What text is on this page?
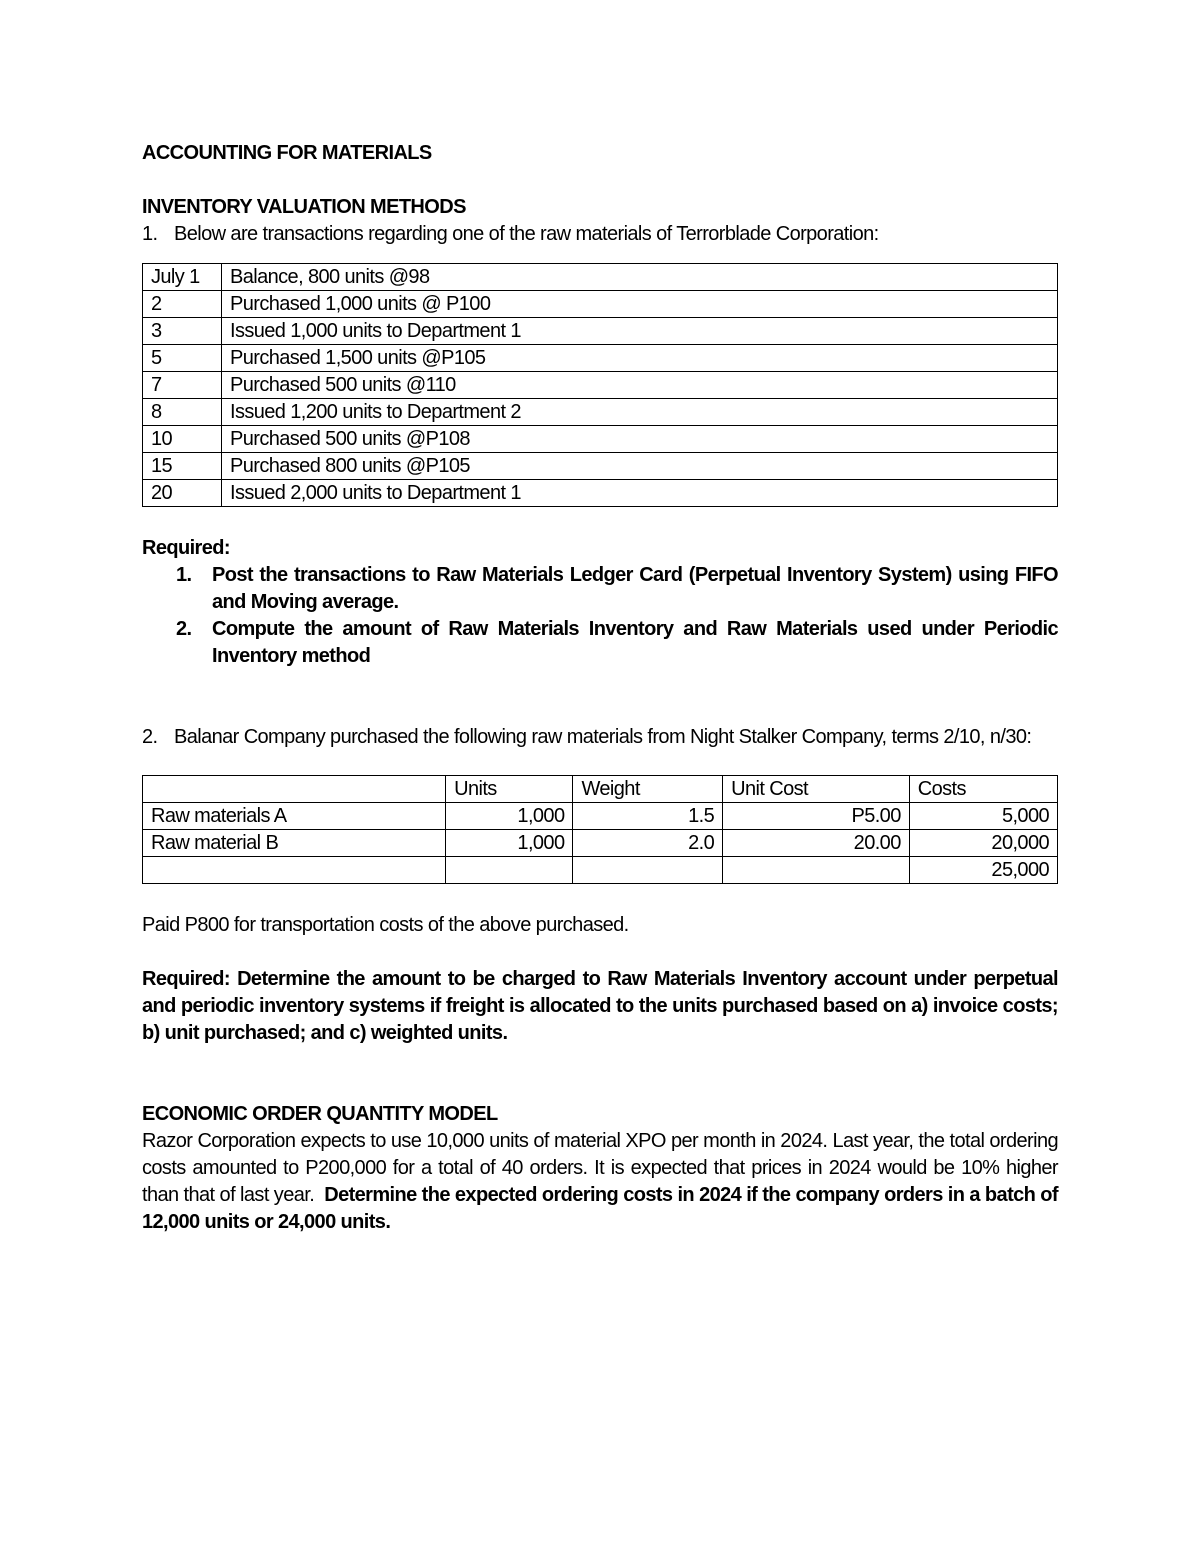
ACCOUNTING FOR MATERIALS

INVENTORY VALUATION METHODS

1. Below are transactions regarding one of the raw materials of Terrorblade Corporation:
July 1	Balance, 800 units @98
2	Purchased 1,000 units @ P100
3	Issued 1,000 units to Department 1
5	Purchased 1,500 units @P105
7	Purchased 500 units @110
8	Issued 1,200 units to Department 2
10	Purchased 500 units @P108
15	Purchased 800 units @P105
20	Issued 2,000 units to Department 1

Required:

1.	Post the transactions to Raw Materials Ledger Card (Perpetual Inventory System) using FIFO and Moving average.
2.	Compute the amount of Raw Materials Inventory and Raw Materials used under Periodic Inventory method
2. Balanar Company purchased the following raw materials from Night Stalker Company, terms 2/10, n/30:
	Units	Weight	Unit Cost	Costs
Raw materials A	1,000	1.5	P5.00	5,000
Raw material B	1,000	2.0	20.00	20,000
				25,000

Paid P800 for transportation costs of the above purchased.

Required: Determine the amount to be charged to Raw Materials Inventory account under perpetual and periodic inventory systems if freight is allocated to the units purchased based on a) invoice costs; b) unit purchased; and c) weighted units.

ECONOMIC ORDER QUANTITY MODEL

Razor Corporation expects to use 10,000 units of material XPO per month in 2024. Last year, the total ordering costs amounted to P200,000 for a total of 40 orders. It is expected that prices in 2024 would be 10% higher than that of last year. Determine the expected ordering costs in 2024 if the company orders in a batch of 12,000 units or 24,000 units.
